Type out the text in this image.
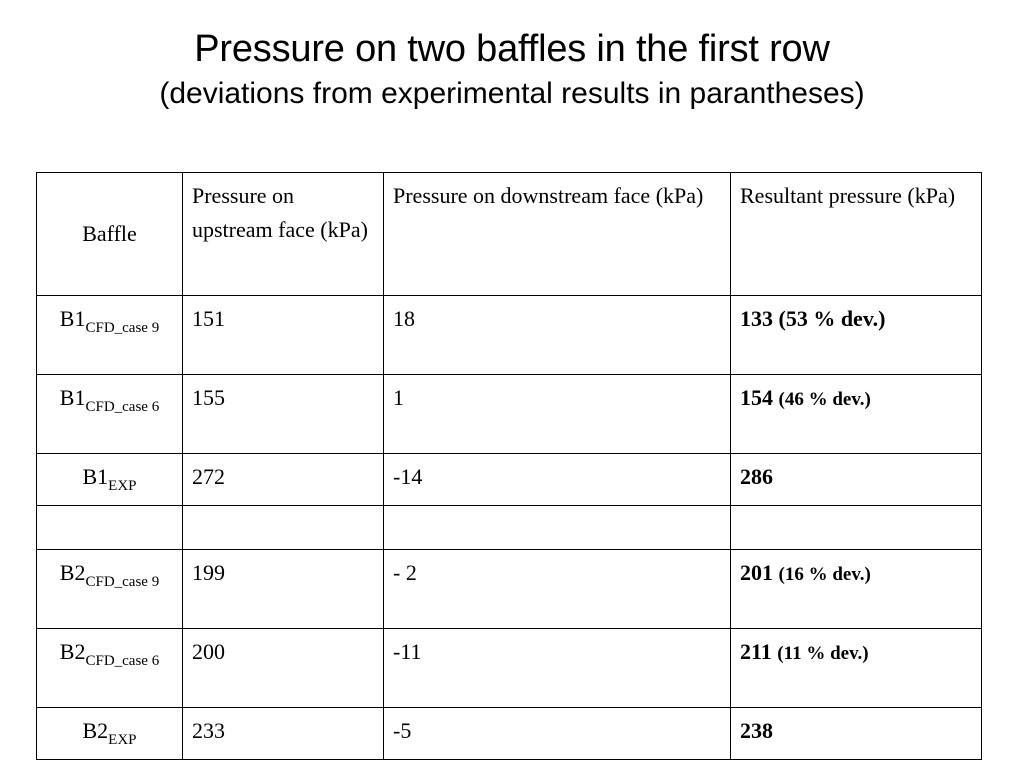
Pressure on two baffles in the first row
(deviations from experimental results in parantheses)
Baffle	Pressure on upstream face (kPa)	Pressure on downstream face (kPa)	Resultant pressure (kPa)
$B1_{CFD\_case 9}$	151	18	133 (53 % dev.)
$B1_{CFD\_case 6}$	155	1	154 (46 % dev.)
$B1_{EXP}$	272	-14	286

$B2_{CFD\_case 9}$	199	- 2	201 (16 % dev.)
$B2_{CFD\_case 6}$	200	-11	211 (11 % dev.)
$B2_{EXP}$	233	-5	238
